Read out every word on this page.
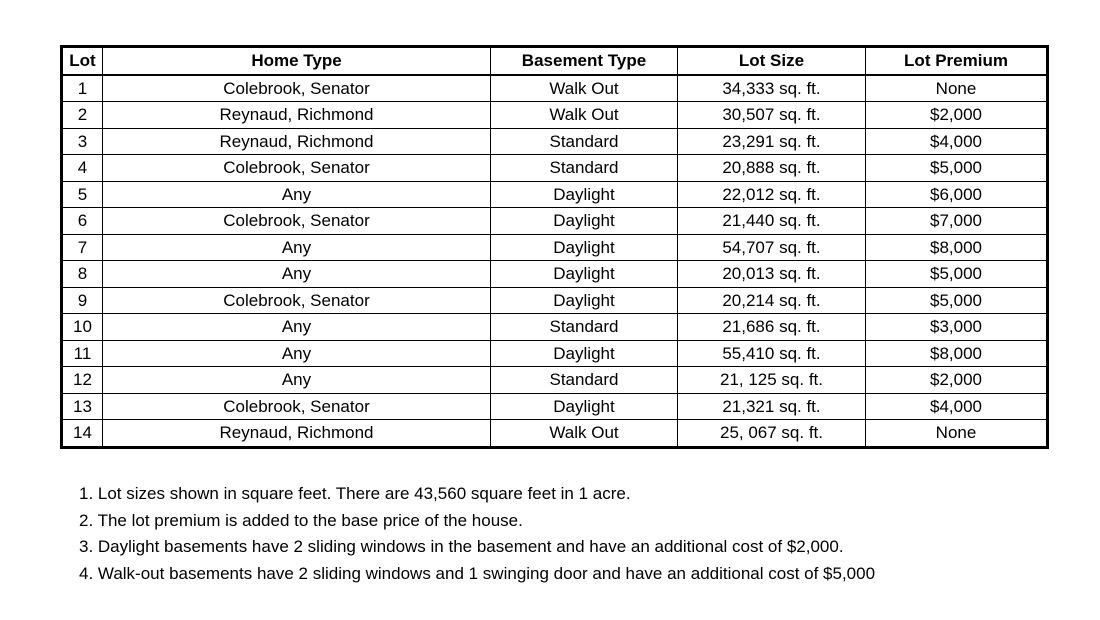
Lot	Home Type	Basement Type	Lot Size	Lot Premium
1	Colebrook, Senator	Walk Out	34,333 sq. ft.	None
2	Reynaud, Richmond	Walk Out	30,507 sq. ft.	$2,000
3	Reynaud, Richmond	Standard	23,291 sq. ft.	$4,000
4	Colebrook, Senator	Standard	20,888 sq. ft.	$5,000
5	Any	Daylight	22,012 sq. ft.	$6,000
6	Colebrook, Senator	Daylight	21,440 sq. ft.	$7,000
7	Any	Daylight	54,707 sq. ft.	$8,000
8	Any	Daylight	20,013 sq. ft.	$5,000
9	Colebrook, Senator	Daylight	20,214 sq. ft.	$5,000
10	Any	Standard	21,686 sq. ft.	$3,000
11	Any	Daylight	55,410 sq. ft.	$8,000
12	Any	Standard	21, 125 sq. ft.	$2,000
13	Colebrook, Senator	Daylight	21,321 sq. ft.	$4,000
14	Reynaud, Richmond	Walk Out	25, 067 sq. ft.	None
1. Lot sizes shown in square feet. There are 43,560 square feet in 1 acre.
2. The lot premium is added to the base price of the house.
3. Daylight basements have 2 sliding windows in the basement and have an additional cost of $2,000.
4. Walk-out basements have 2 sliding windows and 1 swinging door and have an additional cost of $5,000
